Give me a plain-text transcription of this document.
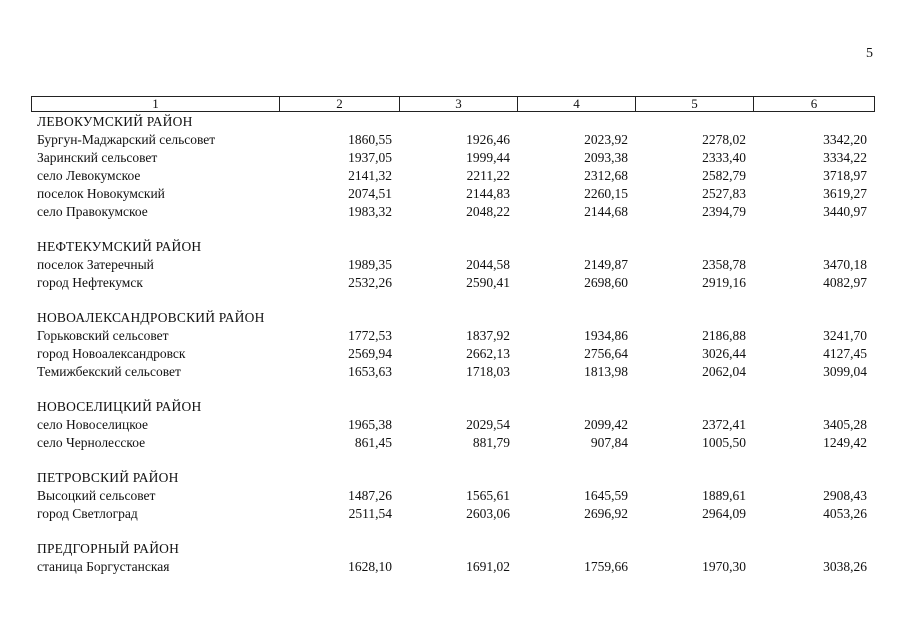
5
1	2	3	4	5	6
ЛЕВОКУМСКИЙ РАЙОН
Бургун-Маджарский сельсовет	1860,55	1926,46	2023,92	2278,02	3342,20
Заринский сельсовет	1937,05	1999,44	2093,38	2333,40	3334,22
село Левокумское	2141,32	2211,22	2312,68	2582,79	3718,97
поселок Новокумский	2074,51	2144,83	2260,15	2527,83	3619,27
село Правокумское	1983,32	2048,22	2144,68	2394,79	3440,97
НЕФТЕКУМСКИЙ РАЙОН
поселок Затеречный	1989,35	2044,58	2149,87	2358,78	3470,18
город Нефтекумск	2532,26	2590,41	2698,60	2919,16	4082,97
НОВОАЛЕКСАНДРОВСКИЙ РАЙОН
Горьковский сельсовет	1772,53	1837,92	1934,86	2186,88	3241,70
город Новоалександровск	2569,94	2662,13	2756,64	3026,44	4127,45
Темижбекский сельсовет	1653,63	1718,03	1813,98	2062,04	3099,04
НОВОСЕЛИЦКИЙ РАЙОН
село Новоселицкое	1965,38	2029,54	2099,42	2372,41	3405,28
село Чернолесское	861,45	881,79	907,84	1005,50	1249,42
ПЕТРОВСКИЙ РАЙОН
Высоцкий сельсовет	1487,26	1565,61	1645,59	1889,61	2908,43
город Светлоград	2511,54	2603,06	2696,92	2964,09	4053,26
ПРЕДГОРНЫЙ РАЙОН
станица Боргустанская	1628,10	1691,02	1759,66	1970,30	3038,26
